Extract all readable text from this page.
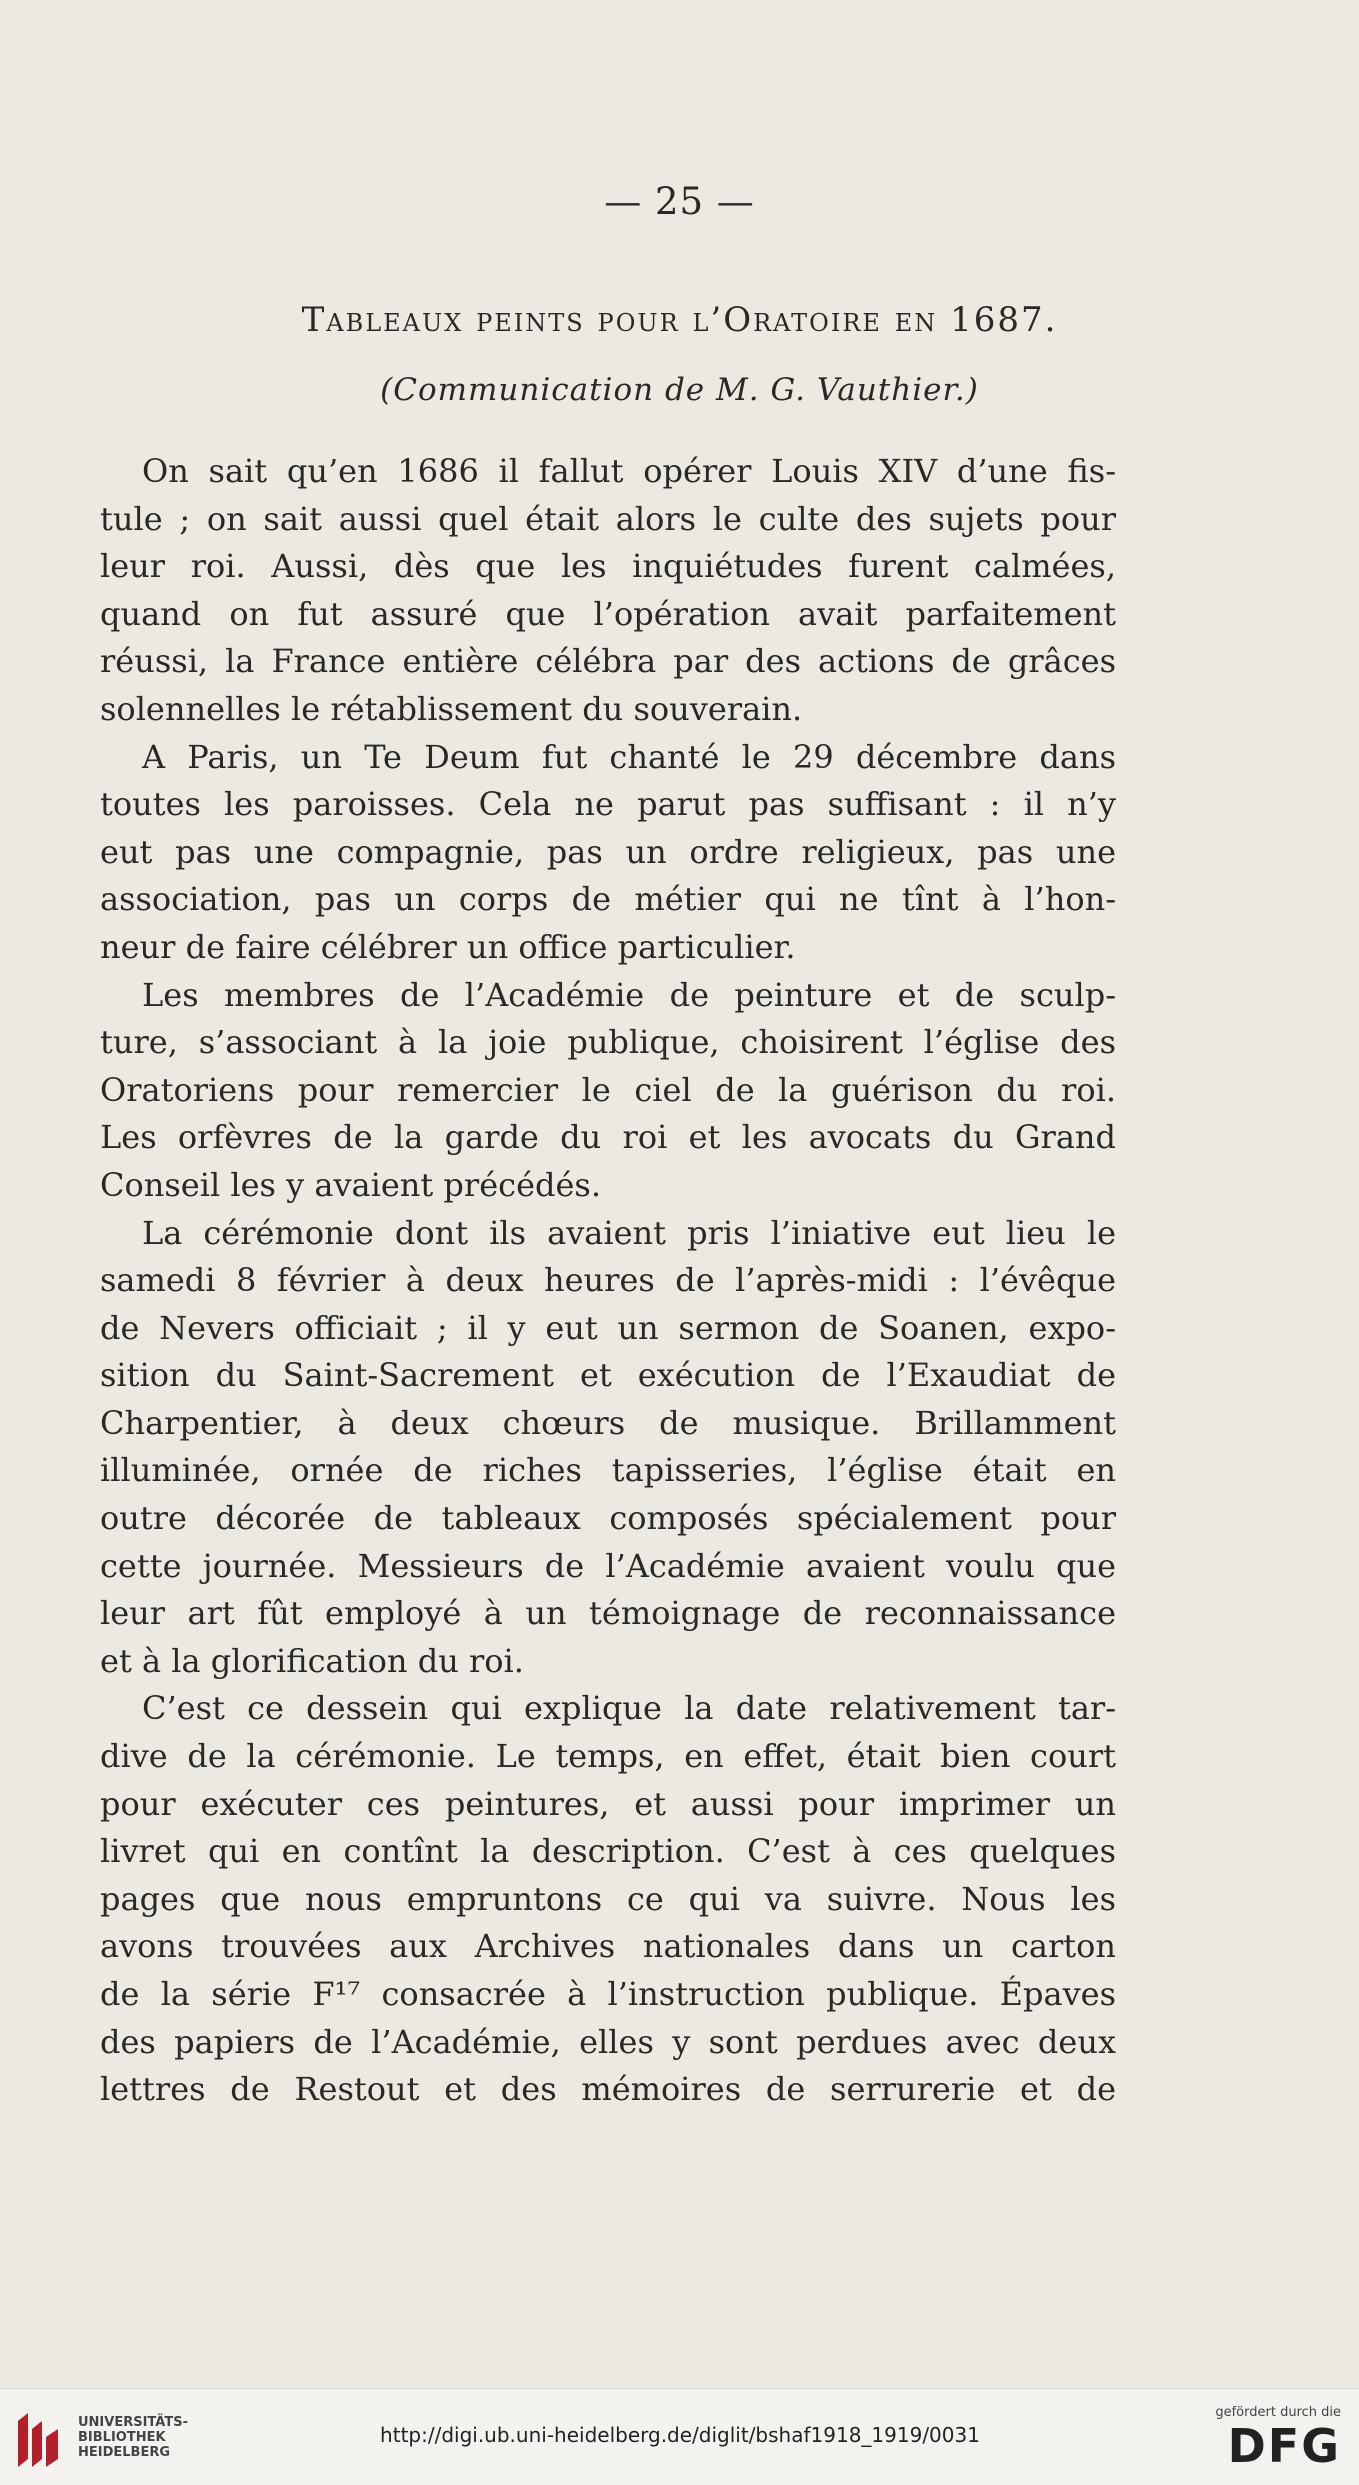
— 25 —
Tableaux peints pour l’Oratoire en 1687.
(Communication de M. G. Vauthier.)
On sait qu’en 1686 il fallut opérer Louis XIV d’une fis-
tule ; on sait aussi quel était alors le culte des sujets pour
leur roi. Aussi, dès que les inquiétudes furent calmées,
quand on fut assuré que l’opération avait parfaitement
réussi, la France entière célébra par des actions de grâces
solennelles le rétablissement du souverain.
A Paris, un Te Deum fut chanté le 29 décembre dans
toutes les paroisses. Cela ne parut pas suffisant : il n’y
eut pas une compagnie, pas un ordre religieux, pas une
association, pas un corps de métier qui ne tînt à l’hon-
neur de faire célébrer un office particulier.
Les membres de l’Académie de peinture et de sculp-
ture, s’associant à la joie publique, choisirent l’église des
Oratoriens pour remercier le ciel de la guérison du roi.
Les orfèvres de la garde du roi et les avocats du Grand
Conseil les y avaient précédés.
La cérémonie dont ils avaient pris l’iniative eut lieu le
samedi 8 février à deux heures de l’après-midi : l’évêque
de Nevers officiait ; il y eut un sermon de Soanen, expo-
sition du Saint-Sacrement et exécution de l’Exaudiat de
Charpentier, à deux chœurs de musique. Brillamment
illuminée, ornée de riches tapisseries, l’église était en
outre décorée de tableaux composés spécialement pour
cette journée. Messieurs de l’Académie avaient voulu que
leur art fût employé à un témoignage de reconnaissance
et à la glorification du roi.
C’est ce dessein qui explique la date relativement tar-
dive de la cérémonie. Le temps, en effet, était bien court
pour exécuter ces peintures, et aussi pour imprimer un
livret qui en contînt la description. C’est à ces quelques
pages que nous empruntons ce qui va suivre. Nous les
avons trouvées aux Archives nationales dans un carton
de la série F¹⁷ consacrée à l’instruction publique. Épaves
des papiers de l’Académie, elles y sont perdues avec deux
lettres de Restout et des mémoires de serrurerie et de
UNIVERSITÄTS-
BIBLIOTHEK
HEIDELBERG
http://digi.ub.uni-heidelberg.de/diglit/bshaf1918_1919/0031
gefördert durch die
DFG
